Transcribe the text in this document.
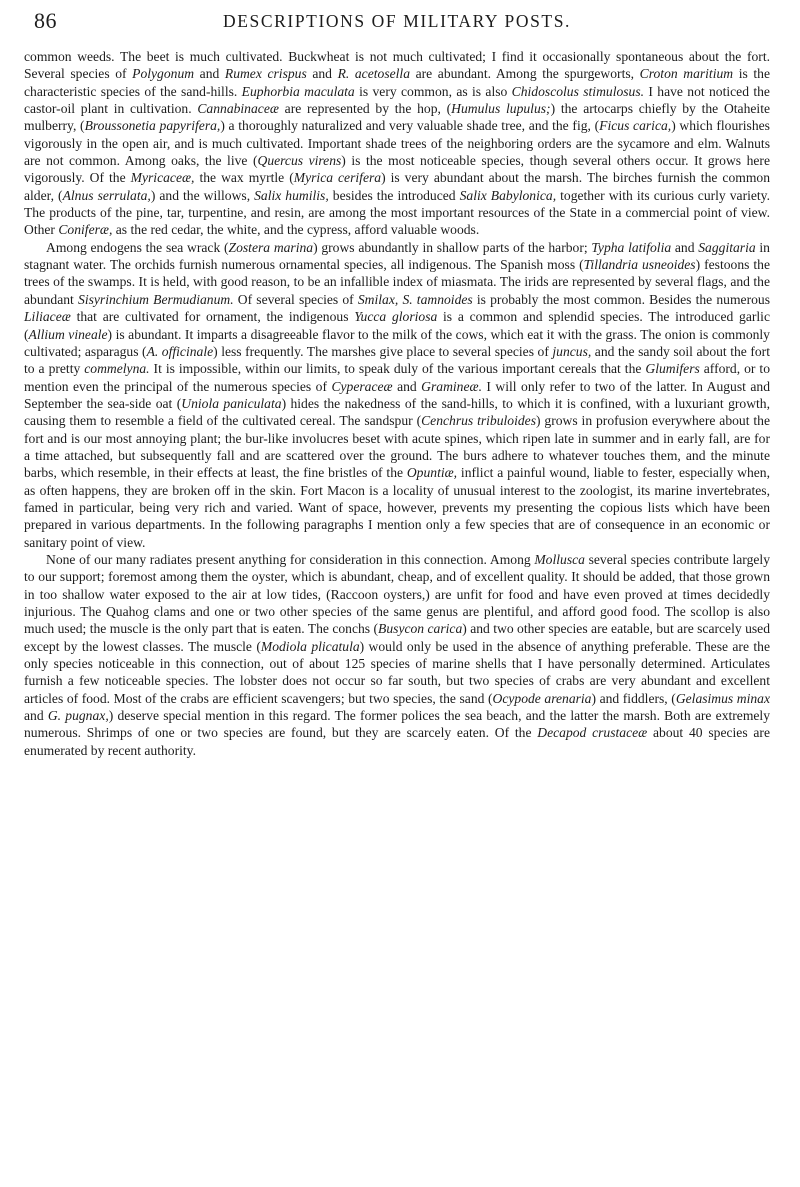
86	DESCRIPTIONS OF MILITARY POSTS.

common weeds. The beet is much cultivated. Buckwheat is not much cultivated; I find it occasionally spontaneous about the fort. Several species of Polygonum and Rumex crispus and R. acetosella are abundant. Among the spurgeworts, Croton maritium is the characteristic species of the sand-hills. Euphorbia maculata is very common, as is also Chidoscolus stimulosus. I have not noticed the castor-oil plant in cultivation. Cannabinaceæ are represented by the hop, (Humulus lupulus;) the artocarps chiefly by the Otaheite mulberry, (Broussonetia papyrifera,) a thoroughly naturalized and very valuable shade tree, and the fig, (Ficus carica,) which flourishes vigorously in the open air, and is much cultivated. Important shade trees of the neighboring orders are the sycamore and elm. Walnuts are not common. Among oaks, the live (Quercus virens) is the most noticeable species, though several others occur. It grows here vigorously. Of the Myricaceæ, the wax myrtle (Myrica cerifera) is very abundant about the marsh. The birches furnish the common alder, (Alnus serrulata,) and the willows, Salix humilis, besides the introduced Salix Babylonica, together with its curious curly variety. The products of the pine, tar, turpentine, and resin, are among the most important resources of the State in a commercial point of view. Other Coniferæ, as the red cedar, the white, and the cypress, afford valuable woods.

Among endogens the sea wrack (Zostera marina) grows abundantly in shallow parts of the harbor; Typha latifolia and Saggitaria in stagnant water. The orchids furnish numerous ornamental species, all indigenous. The Spanish moss (Tillandria usneoides) festoons the trees of the swamps. It is held, with good reason, to be an infallible index of miasmata. The irids are represented by several flags, and the abundant Sisyrinchium Bermudianum. Of several species of Smilax, S. tamnoides is probably the most common. Besides the numerous Liliaceæ that are cultivated for ornament, the indigenous Yucca gloriosa is a common and splendid species. The introduced garlic (Allium vineale) is abundant. It imparts a disagreeable flavor to the milk of the cows, which eat it with the grass. The onion is commonly cultivated; asparagus (A. officinale) less frequently. The marshes give place to several species of juncus, and the sandy soil about the fort to a pretty commelyna. It is impossible, within our limits, to speak duly of the various important cereals that the Glumifers afford, or to mention even the principal of the numerous species of Cyperaceæ and Gramineæ. I will only refer to two of the latter. In August and September the sea-side oat (Uniola paniculata) hides the nakedness of the sand-hills, to which it is confined, with a luxuriant growth, causing them to resemble a field of the cultivated cereal. The sandspur (Cenchrus tribuloides) grows in profusion everywhere about the fort and is our most annoying plant; the bur-like involucres beset with acute spines, which ripen late in summer and in early fall, are for a time attached, but subsequently fall and are scattered over the ground. The burs adhere to whatever touches them, and the minute barbs, which resemble, in their effects at least, the fine bristles of the Opuntiæ, inflict a painful wound, liable to fester, especially when, as often happens, they are broken off in the skin. Fort Macon is a locality of unusual interest to the zoologist, its marine invertebrates, famed in particular, being very rich and varied. Want of space, however, prevents my presenting the copious lists which have been prepared in various departments. In the following paragraphs I mention only a few species that are of consequence in an economic or sanitary point of view.

None of our many radiates present anything for consideration in this connection. Among Mollusca several species contribute largely to our support; foremost among them the oyster, which is abundant, cheap, and of excellent quality. It should be added, that those grown in too shallow water exposed to the air at low tides, (Raccoon oysters,) are unfit for food and have even proved at times decidedly injurious. The Quahog clams and one or two other species of the same genus are plentiful, and afford good food. The scollop is also much used; the muscle is the only part that is eaten. The conchs (Busycon carica) and two other species are eatable, but are scarcely used except by the lowest classes. The muscle (Modiola plicatula) would only be used in the absence of anything preferable. These are the only species noticeable in this connection, out of about 125 species of marine shells that I have personally determined. Articulates furnish a few noticeable species. The lobster does not occur so far south, but two species of crabs are very abundant and excellent articles of food. Most of the crabs are efficient scavengers; but two species, the sand (Ocypode arenaria) and fiddlers, (Gelasimus minax and G. pugnax,) deserve special mention in this regard. The former polices the sea beach, and the latter the marsh. Both are extremely numerous. Shrimps of one or two species are found, but they are scarcely eaten. Of the Decapod crustaceæ about 40 species are enumerated by recent authority.
